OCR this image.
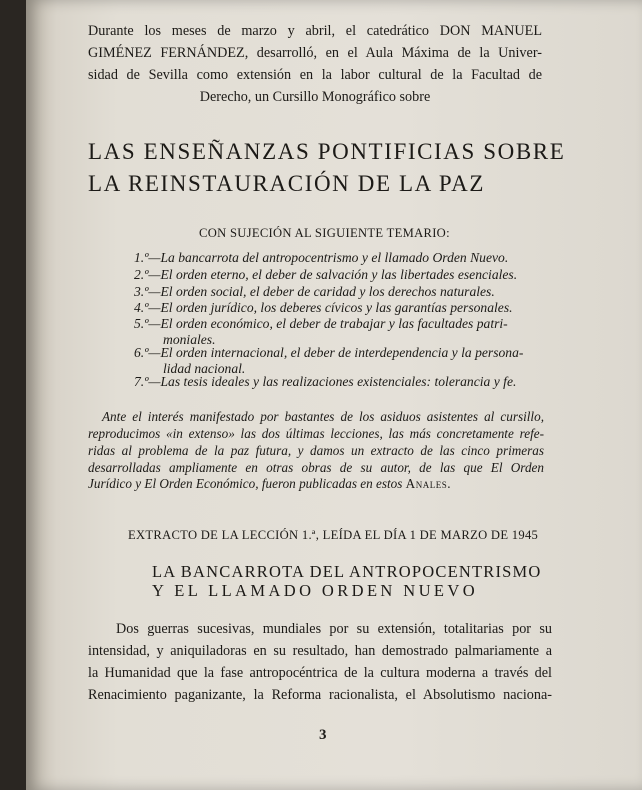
Durante los meses de marzo y abril, el catedrático DON MANUEL
GIMÉNEZ FERNÁNDEZ, desarrolló, en el Aula Máxima de la Univer-
sidad de Sevilla como extensión en la labor cultural de la Facultad de
Derecho, un Cursillo Monográfico sobre
LAS ENSEÑANZAS PONTIFICIAS SOBRE
LA REINSTAURACIÓN DE LA PAZ
CON SUJECIÓN AL SIGUIENTE TEMARIO:
1.º—La bancarrota del antropocentrismo y el llamado Orden Nuevo.
2.º—El orden eterno, el deber de salvación y las libertades esenciales.
3.º—El orden social, el deber de caridad y los derechos naturales.
4.º—El orden jurídico, los deberes cívicos y las garantías personales.
5.º—El orden económico, el deber de trabajar y las facultades patri-
moniales.
6.º—El orden internacional, el deber de interdependencia y la persona-
lidad nacional.
7.º—Las tesis ideales y las realizaciones existenciales: tolerancia y fe.
Ante el interés manifestado por bastantes de los asiduos asistentes al cursillo,
reproducimos «in extenso» las dos últimas lecciones, las más concretamente refe-
ridas al problema de la paz futura, y damos un extracto de las cinco primeras
desarrolladas ampliamente en otras obras de su autor, de las que El Orden
Jurídico y El Orden Económico, fueron publicadas en estos Anales.
EXTRACTO DE LA LECCIÓN 1.ª, LEÍDA EL DÍA 1 DE MARZO DE 1945
LA BANCARROTA DEL ANTROPOCENTRISMO
Y EL LLAMADO ORDEN NUEVO
Dos guerras sucesivas, mundiales por su extensión, totalitarias por su
intensidad, y aniquiladoras en su resultado, han demostrado palmariamente a
la Humanidad que la fase antropocéntrica de la cultura moderna a través del
Renacimiento paganizante, la Reforma racionalista, el Absolutismo naciona-
3
